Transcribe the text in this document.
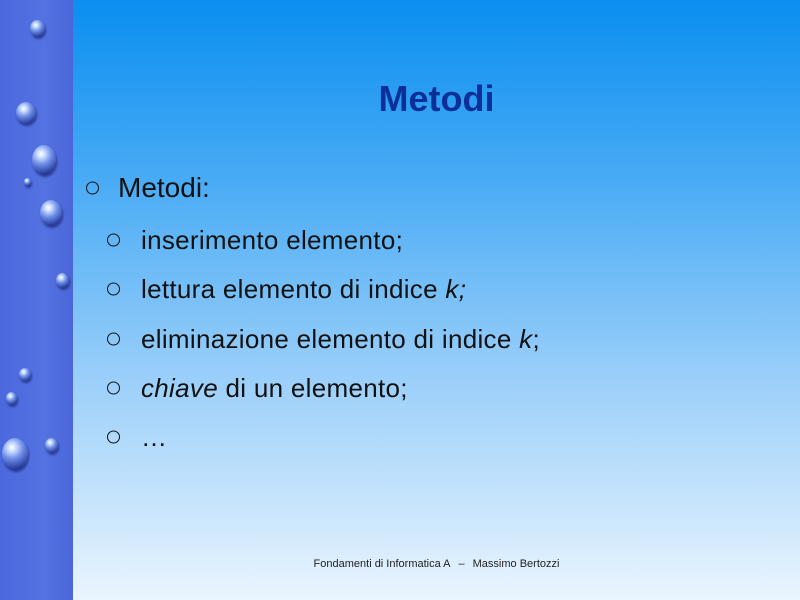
Metodi
Metodi:
inserimento elemento;
lettura elemento di indice k;
eliminazione elemento di indice k;
chiave di un elemento;
…
Fondamenti di Informatica A – Massimo Bertozzi
